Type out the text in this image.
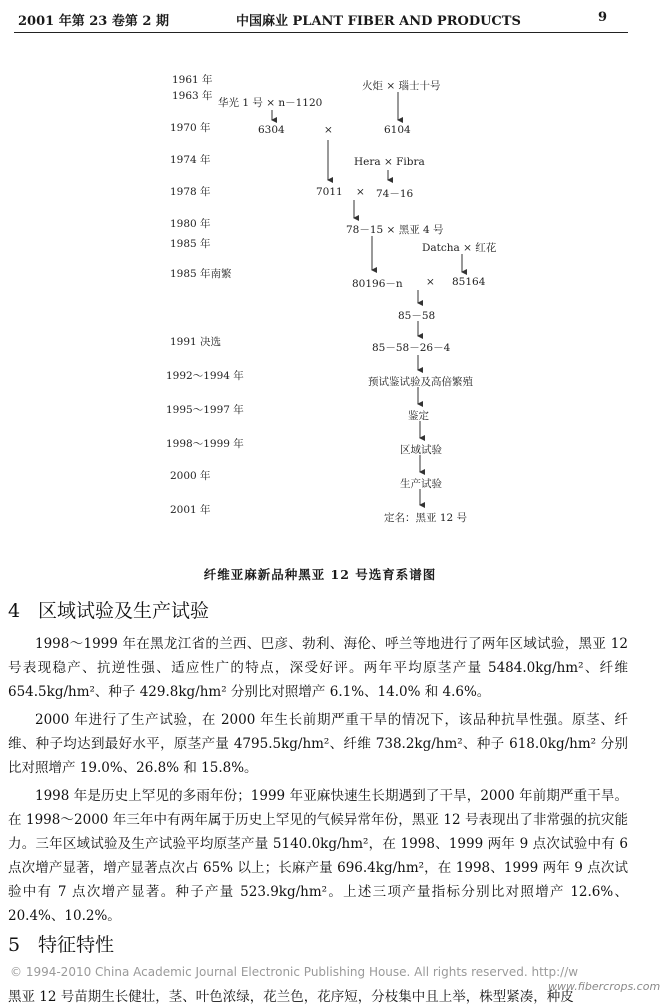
2001 年第 23 卷第 2 期	中国麻业 PLANT FIBER AND PRODUCTS	9
1961 年
1963 年
1970 年
1974 年
1978 年
1980 年
1985 年
1985 年南繁
1991 决选
1992～1994 年
1995～1997 年
1998～1999 年
2000 年
2001 年
火炬 × 瑙士十号
华光 1 号 × n－1120
6304	×	6104
Hera × Fibra
7011 × 74－16
78－15 × 黑亚 4 号
Datcha × 红花
80196－n × 85164
85－58
85－58－26－4
预试鉴试验及高倍繁殖
鉴定
区域试验
生产试验
定名：黑亚 12 号
纤维亚麻新品种黑亚 12 号选育系谱图
4 区域试验及生产试验

1998～1999 年在黑龙江省的兰西、巴彦、勃利、海伦、呼兰等地进行了两年区域试验，黑亚 12 号表现稳产、抗逆性强、适应性广的特点，深受好评。两年平均原茎产量 5484.0kg/hm²、纤维 654.5kg/hm²、种子 429.8kg/hm² 分别比对照增产 6.1%、14.0% 和 4.6%。

2000 年进行了生产试验，在 2000 年生长前期严重干旱的情况下，该品种抗旱性强。原茎、纤维、种子均达到最好水平，原茎产量 4795.5kg/hm²、纤维 738.2kg/hm²、种子 618.0kg/hm² 分别比对照增产 19.0%、26.8% 和 15.8%。

1998 年是历史上罕见的多雨年份；1999 年亚麻快速生长期遇到了干旱，2000 年前期严重干旱。在 1998～2000 年三年中有两年属于历史上罕见的气候异常年份，黑亚 12 号表现出了非常强的抗灾能力。三年区域试验及生产试验平均原茎产量 5140.0kg/hm²，在 1998、1999 两年 9 点次试验中有 6 点次增产显著，增产显著点次占 65% 以上；长麻产量 696.4kg/hm²，在 1998、1999 两年 9 点次试验中有 7 点次增产显著。种子产量 523.9kg/hm²。上述三项产量指标分别比对照增产 12.6%、20.4%、10.2%。

5 特征特性
© 1994-2010 China Academic Journal Electronic Publishing House. All rights reserved. http://w
黑亚 12 号苗期生长健壮，茎、叶色浓绿，花兰色，花序短，分枝集中且上举，株型紧凑，种皮
www.fibercrops.com
